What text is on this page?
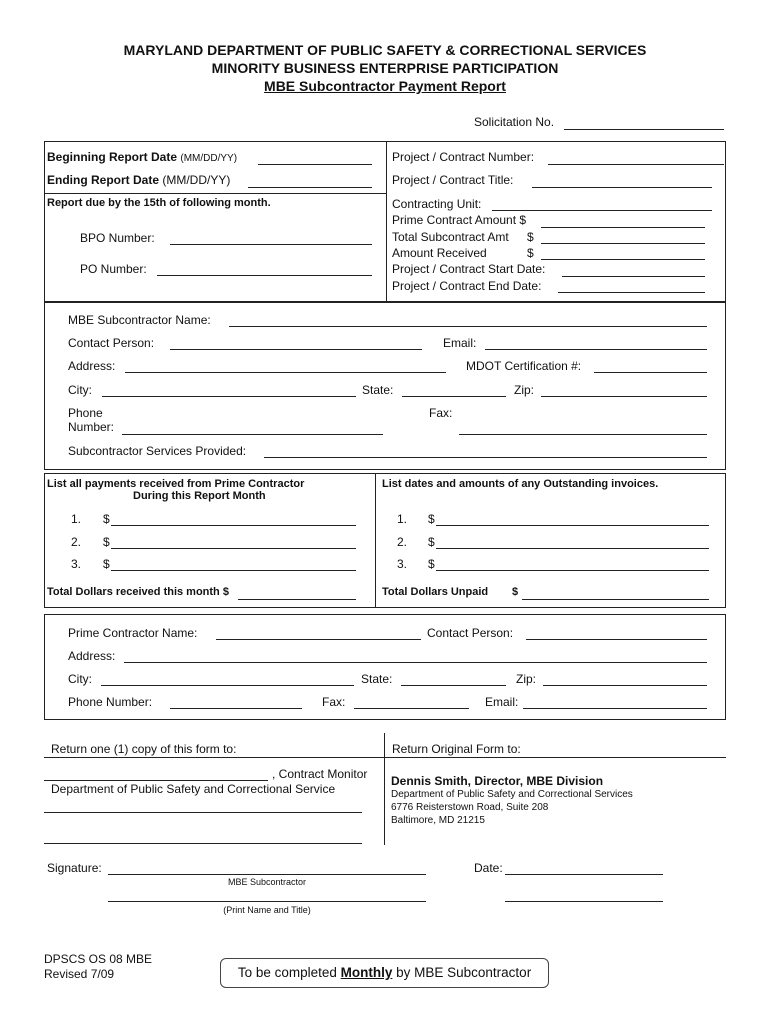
MARYLAND DEPARTMENT OF PUBLIC SAFETY & CORRECTIONAL SERVICES
MINORITY BUSINESS ENTERPRISE PARTICIPATION
MBE Subcontractor Payment Report
Solicitation No.
Beginning Report Date (MM/DD/YY)
Ending Report Date (MM/DD/YY)
Report due by the 15th of following month.
BPO Number:
PO Number:
Project / Contract Number:
Project / Contract Title:
Contracting Unit:
Prime Contract Amount $
Total Subcontract Amt $
Amount Received	$
Project / Contract Start Date:
Project / Contract End Date:
MBE Subcontractor Name:
Contact Person:	Email:
Address:	MDOT Certification #:
City:	State:	Zip:
Phone
Number:
Fax:
Subcontractor Services Provided:
List all payments received from Prime Contractor
During this Report Month
List dates and amounts of any Outstanding invoices.
1. $
2. $
3. $
1. $
2. $
3. $
Total Dollars received this month $	Total Dollars Unpaid $
Prime Contractor Name:	Contact Person:
Address:
City:	State:	Zip:
Phone Number:	Fax:	Email:
Return one (1) copy of this form to:	Return Original Form to:
, Contract Monitor
Department of Public Safety and Correctional Service
Dennis Smith, Director, MBE Division
Department of Public Safety and Correctional Services
6776 Reisterstown Road, Suite 208
Baltimore, MD 21215
Signature:	Date:
MBE Subcontractor
(Print Name and Title)
DPSCS OS 08 MBE
Revised 7/09	To be completed Monthly by MBE Subcontractor
